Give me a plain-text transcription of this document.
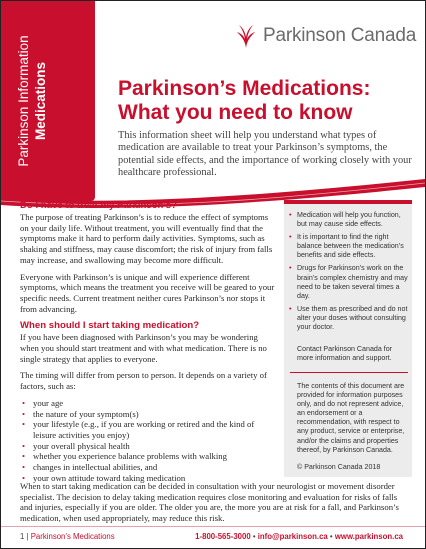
Parkinson Information Medications
Parkinson Canada
Parkinson’s Medications:
What you need to know
This information sheet will help you understand what types of medication are available to treat your Parkinson’s symptoms, the potential side effects, and the importance of working closely with your healthcare professional.
Do I have to treat my Parkinson’s?

The purpose of treating Parkinson’s is to reduce the effect of symptoms on your daily life. Without treatment, you will eventually find that the symptoms make it hard to perform daily activities. Symptoms, such as shaking and stiffness, may cause discomfort; the risk of injury from falls may increase, and swallowing may become more difficult.

Everyone with Parkinson’s is unique and will experience different symptoms, which means the treatment you receive will be geared to your specific needs. Current treatment neither cures Parkinson’s nor stops it from advancing.

When should I start taking medication?

If you have been diagnosed with Parkinson’s you may be wondering when you should start treatment and with what medication. There is no single strategy that applies to everyone.

The timing will differ from person to person. It depends on a variety of factors, such as:

• your age
• the nature of your symptom(s)
• your lifestyle (e.g., if you are working or retired and the kind of leisure activities you enjoy)
• your overall physical health
• whether you experience balance problems with walking
• changes in intellectual abilities, and
• your own attitude toward taking medication

When to start taking medication can be decided in consultation with your neurologist or movement disorder specialist. The decision to delay taking medication requires close monitoring and evaluation for risks of falls and injuries, especially if you are older. The older you are, the more you are at risk for a fall, and Parkinson’s medication, when used appropriately, may reduce this risk.

• Medication will help you function, but may cause side effects.
• It is important to find the right balance between the medication’s benefits and side effects.
• Drugs for Parkinson’s work on the brain’s complex chemistry and may need to be taken several times a day.
• Use them as prescribed and do not alter your doses without consulting your doctor.
Contact Parkinson Canada for more information and support.
The contents of this document are provided for information purposes only, and do not represent advice, an endorsement or a recommendation, with respect to any product, service or enterprise, and/or the claims and properties thereof, by Parkinson Canada.
© Parkinson Canada 2018
1 | Parkinson’s Medications	1-800-565-3000 • info@parkinson.ca • www.parkinson.ca
